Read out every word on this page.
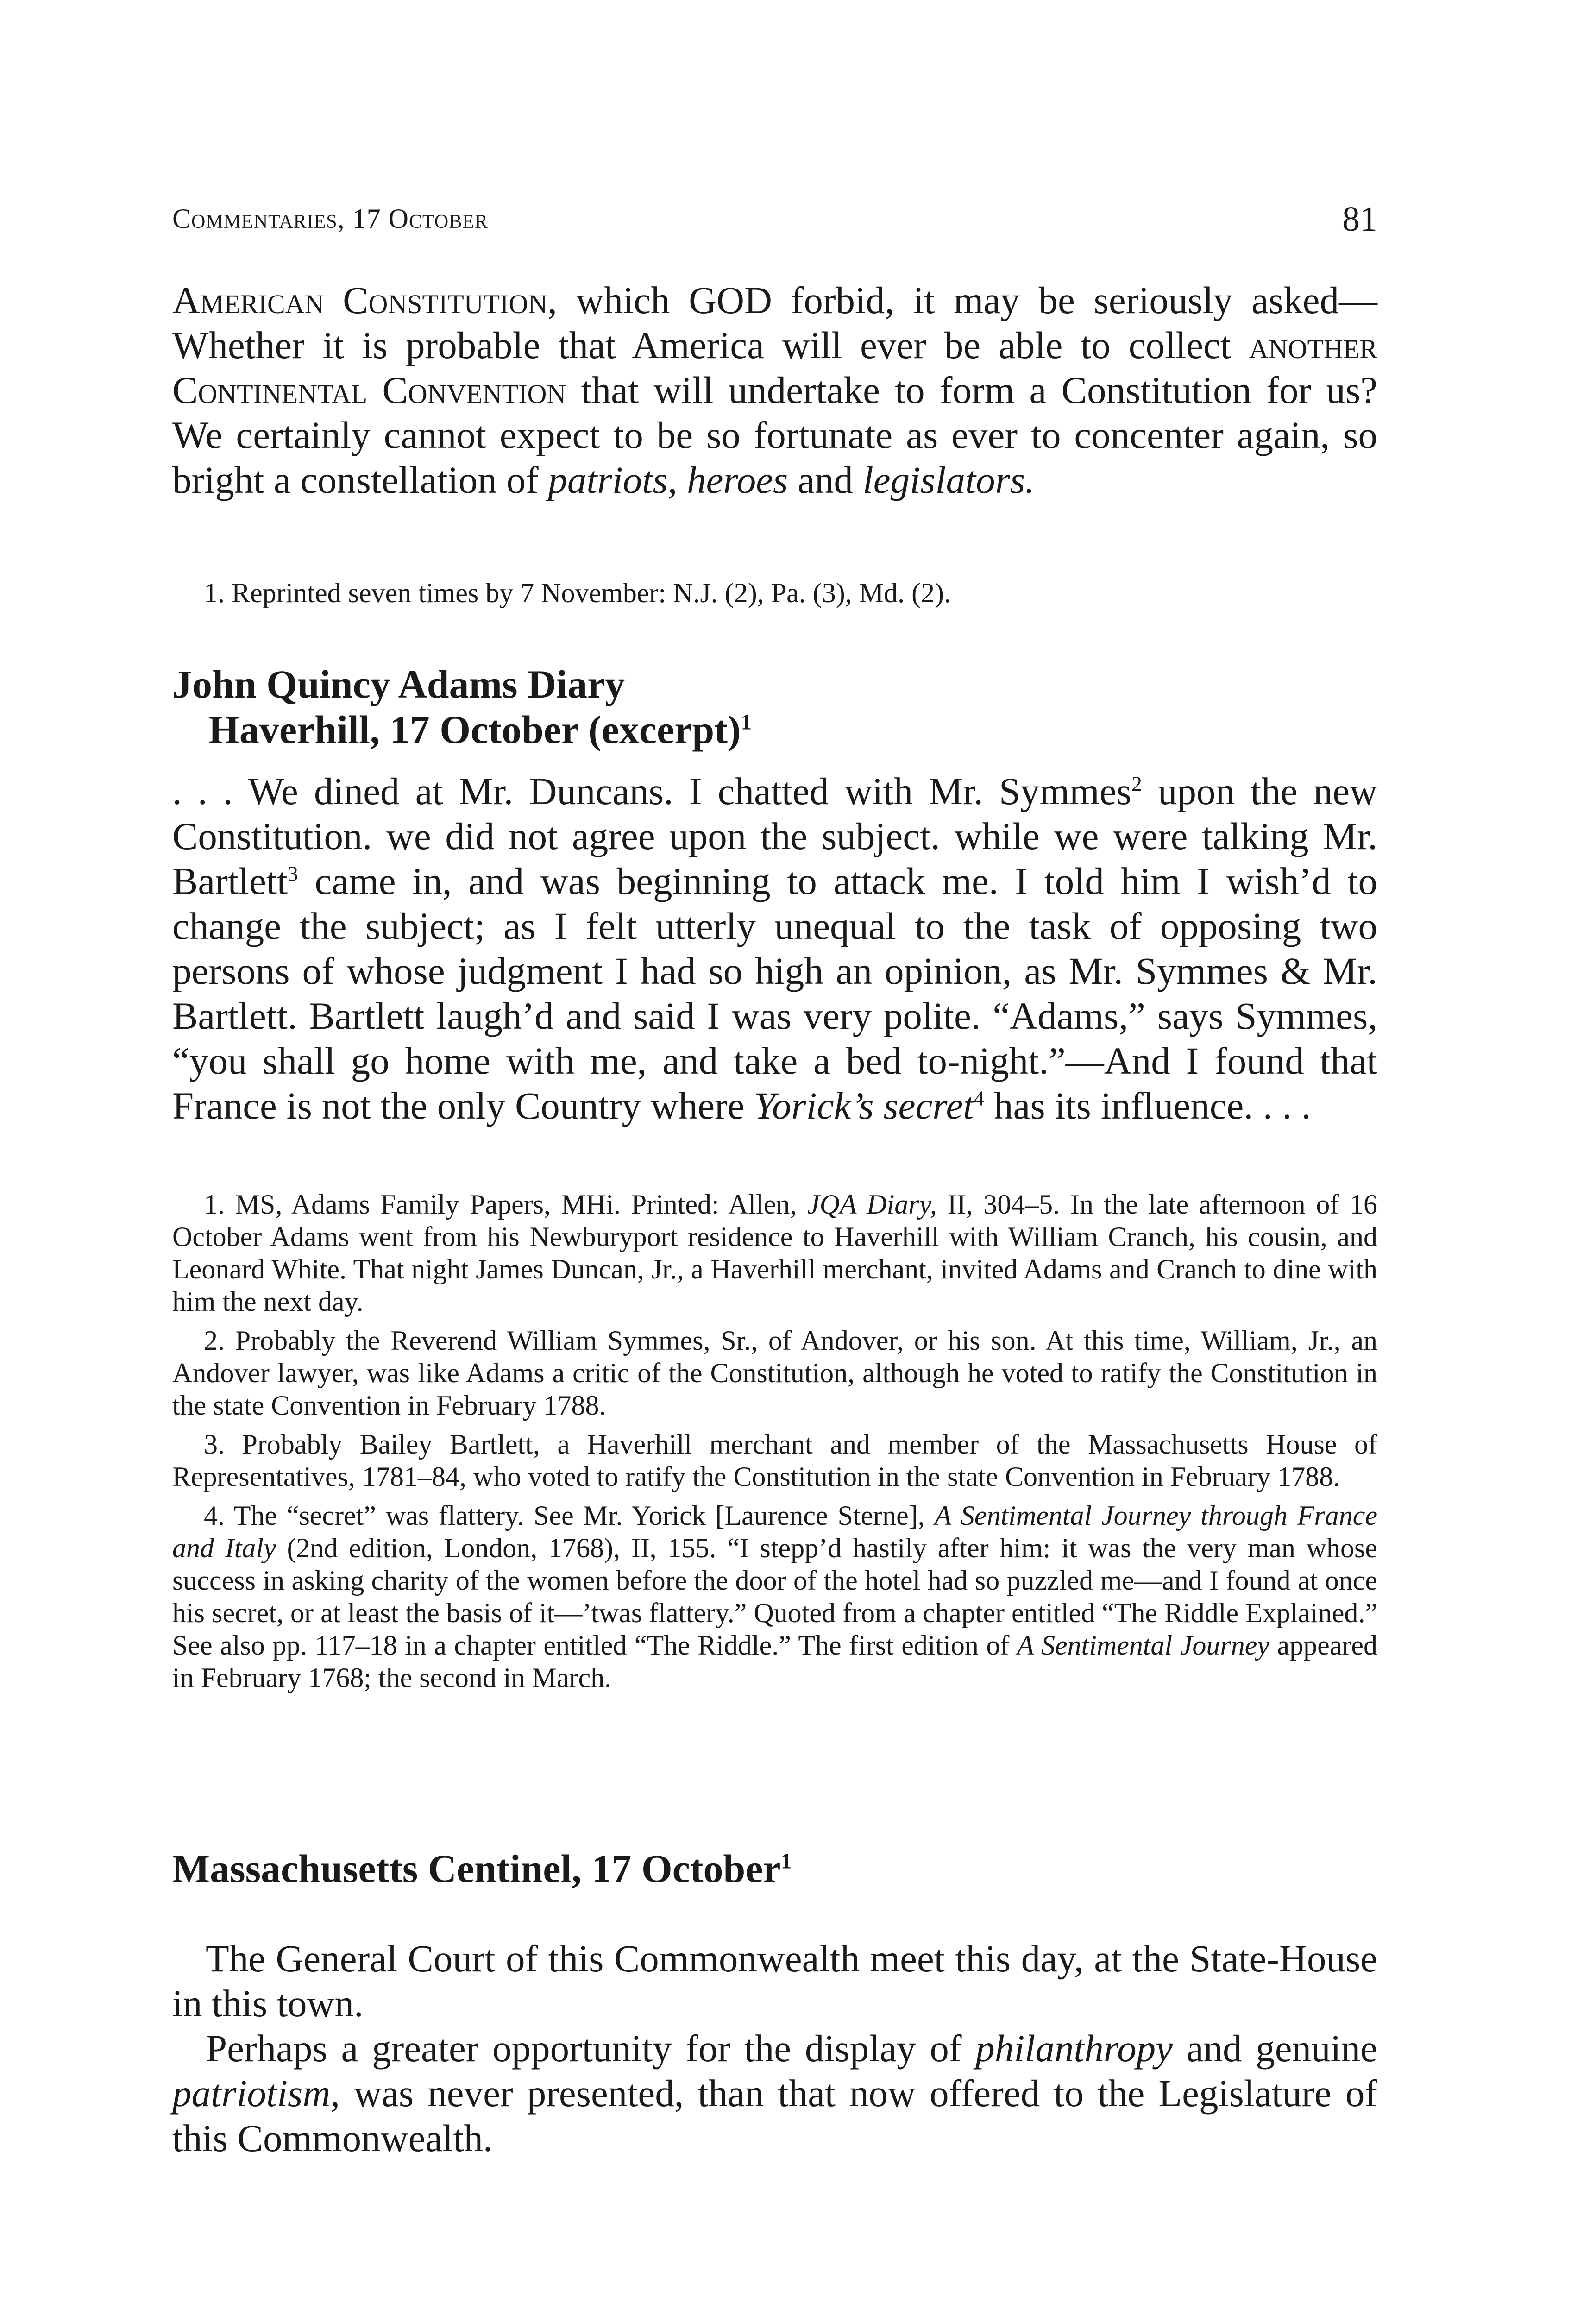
Commentaries, 17 October	81

American Constitution, which GOD forbid, it may be seriously asked—Whether it is probable that America will ever be able to collect another Continental Convention that will undertake to form a Constitution for us? We certainly cannot expect to be so fortunate as ever to concenter again, so bright a constellation of patriots, heroes and legislators.

1. Reprinted seven times by 7 November: N.J. (2), Pa. (3), Md. (2).

John Quincy Adams Diary

Haverhill, 17 October (excerpt)$^1$

. . . We dined at Mr. Duncans. I chatted with Mr. Symmes$^2$ upon the new Constitution. we did not agree upon the subject. while we were talking Mr. Bartlett$^3$ came in, and was beginning to attack me. I told him I wish’d to change the subject; as I felt utterly unequal to the task of opposing two persons of whose judgment I had so high an opinion, as Mr. Symmes & Mr. Bartlett. Bartlett laugh’d and said I was very polite. “Adams,” says Symmes, “you shall go home with me, and take a bed to-night.”—And I found that France is not the only Country where Yorick’s secret$^4$ has its influence. . . .

1. MS, Adams Family Papers, MHi. Printed: Allen, JQA Diary, II, 304–5. In the late afternoon of 16 October Adams went from his Newburyport residence to Haverhill with William Cranch, his cousin, and Leonard White. That night James Duncan, Jr., a Haverhill merchant, invited Adams and Cranch to dine with him the next day.

2. Probably the Reverend William Symmes, Sr., of Andover, or his son. At this time, William, Jr., an Andover lawyer, was like Adams a critic of the Constitution, although he voted to ratify the Constitution in the state Convention in February 1788.

3. Probably Bailey Bartlett, a Haverhill merchant and member of the Massachusetts House of Representatives, 1781–84, who voted to ratify the Constitution in the state Convention in February 1788.

4. The “secret” was flattery. See Mr. Yorick [Laurence Sterne], A Sentimental Journey through France and Italy (2nd edition, London, 1768), II, 155. “I stepp’d hastily after him: it was the very man whose success in asking charity of the women before the door of the hotel had so puzzled me—and I found at once his secret, or at least the basis of it—’twas flattery.” Quoted from a chapter entitled “The Riddle Explained.” See also pp. 117–18 in a chapter entitled “The Riddle.” The first edition of A Sentimental Journey appeared in February 1768; the second in March.

Massachusetts Centinel, 17 October$^1$

The General Court of this Commonwealth meet this day, at the State-House in this town.

Perhaps a greater opportunity for the display of philanthropy and genuine patriotism, was never presented, than that now offered to the Legislature of this Commonwealth.
